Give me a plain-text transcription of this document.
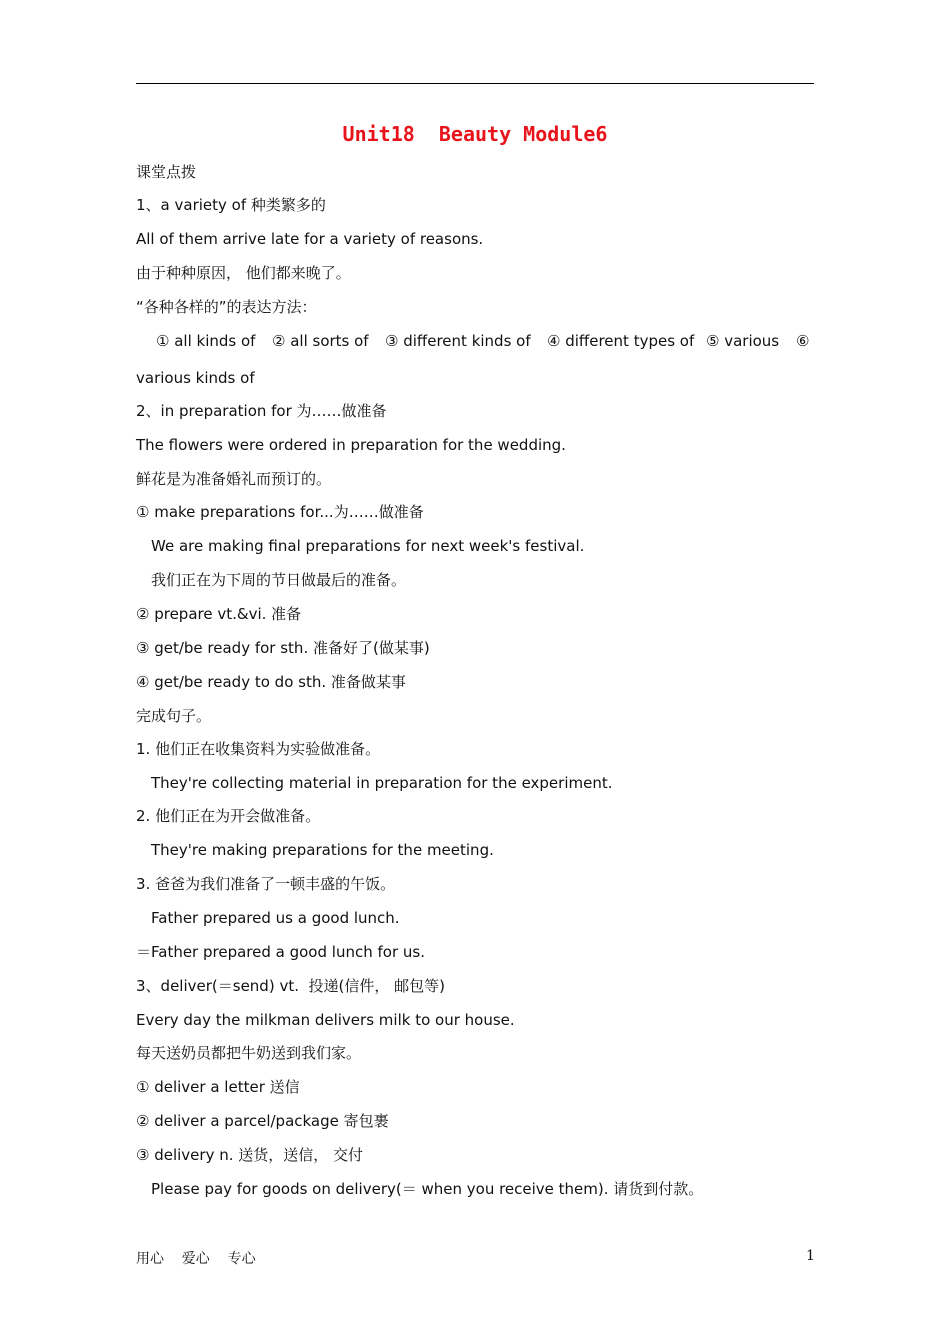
Unit18  Beauty Module6
课堂点拨
1、a variety of 种类繁多的
All of them arrive late for a variety of reasons.
由于种种原因， 他们都来晚了。
“各种各样的”的表达方法：

① all kinds of

② all sorts of

③ different kinds of

④ different types of

⑤ various

⑥

various kinds of
2、in preparation for 为……做准备
The flowers were ordered in preparation for the wedding.
鲜花是为准备婚礼而预订的。
① make preparations for...为……做准备
We are making final preparations for next week's festival.
我们正在为下周的节日做最后的准备。
② prepare vt.&vi. 准备
③ get/be ready for sth. 准备好了(做某事)
④ get/be ready to do sth. 准备做某事
完成句子。
1. 他们正在收集资料为实验做准备。
They're collecting material in preparation for the experiment.
2. 他们正在为开会做准备。
They're making preparations for the meeting.
3. 爸爸为我们准备了一顿丰盛的午饭。
Father prepared us a good lunch.
＝Father prepared a good lunch for us.
3、deliver(＝send) vt.  投递(信件， 邮包等)
Every day the milkman delivers milk to our house.
每天送奶员都把牛奶送到我们家。
① deliver a letter 送信
② deliver a parcel/package 寄包裹
③ delivery n. 送货，送信， 交付
Please pay for goods on delivery(＝ when you receive them). 请货到付款。
用心    爱心    专心	1
